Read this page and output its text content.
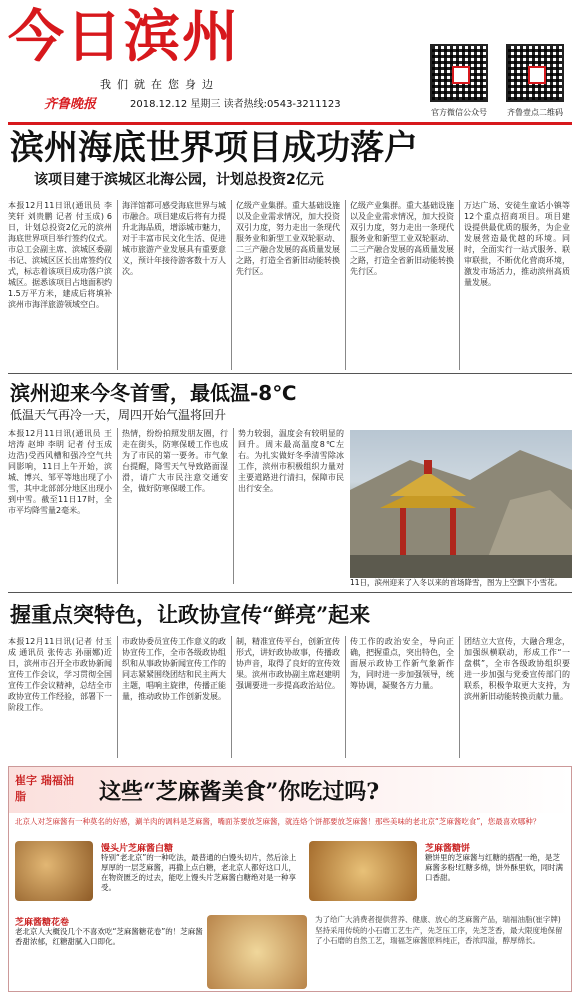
今日滨州
我们就在您身边
齐鲁晚报	2018.12.12 星期三 读者热线:0543-3211123
官方微信公众号	齐鲁壹点二维码
滨州海底世界项目成功落户
该项目建于滨城区北海公园，计划总投资2亿元
本报12月11日讯(通讯员 李笑轩 刘贵鹏 记者 付玉成) 6日，计划总投资2亿元的滨州海底世界项目举行签约仪式。市总工会副主席、滨城区委副书记、滨城区区长出席签约仪式，标志着该项目成功落户滨城区。据悉该项目占地面积约1.5万平方米，建成后将填补滨州市海洋旅游领域空白。
海洋馆都可感受海底世界与城市融合。项目建成后将有力提升北海品质，增添城市魅力，对于丰富市民文化生活、促进城市旅游产业发展具有重要意义，预计年接待游客数十万人次。
亿级产业集群。重大基础设施以及企业需求情况，加大投资双引力度，努力走出一条现代服务业和新型工业双轮驱动、二三产融合发展的高质量发展之路，打造全省新旧动能转换先行区。
亿级产业集群。重大基础设施以及企业需求情况，加大投资双引力度，努力走出一条现代服务业和新型工业双轮驱动、二三产融合发展的高质量发展之路，打造全省新旧动能转换先行区。
万达广场、安徒生童话小镇等12个重点招商项目。项目建设提供最优质的服务，为企业发展营造最优越的环境。同时，全面实行一站式服务、联审联批，不断优化营商环境，激发市场活力，推动滨州高质量发展。
滨州迎来今冬首雪，最低温-8℃
低温天气再冷一天，周四开始气温将回升
本报12月11日讯(通讯员 王培涛 赵坤 李明 记者 付玉成 边浩)受西风槽和强冷空气共同影响，11日上午开始，滨城、博兴、邹平等地出现了小雪，其中北部部分地区出现小到中雪。截至11日17时，全市平均降雪量2毫米。
热情，纷纷拍照发朋友圈，行走在街头，防寒保暖工作也成为了市民的第一要务。市气象台提醒，降雪天气导致路面湿滑，请广大市民注意交通安全，做好防寒保暖工作。
势力较弱，温度会有较明显的回升。周末最高温度8℃左右。为扎实做好冬季清雪除冰工作，滨州市积极组织力量对主要道路进行清扫，保障市民出行安全。
11日，滨州迎来了入冬以来的首场降雪，图为上空飘下小雪花。
握重点突特色，让政协宣传“鲜亮”起来
本报12月11日讯(记者 付玉成 通讯员 张传志 孙丽娜)近日，滨州市召开全市政协新闻宣传工作会议，学习贯彻全国宣传工作会议精神，总结全市政协宣传工作经验，部署下一阶段工作。
市政协委员宣传工作意义的政协宣传工作，全市各级政协组织和从事政协新闻宣传工作的同志紧紧围绕团结和民主两大主题，唱响主旋律，传播正能量，推动政协工作创新发展。
制，精准宣传平台，创新宣传形式，讲好政协故事，传播政协声音，取得了良好的宣传效果。滨州市政协副主席赵建明强调要进一步提高政治站位。
传工作的政治安全，导向正确，把握重点，突出特色，全面展示政协工作新气象新作为，同时进一步加强领导，统筹协调，凝聚各方力量。
团结立大宣传，大融合理念，加强纵横联动，形成工作“一盘棋”，全市各级政协组织要进一步加强与党委宣传部门的联系，积极争取更大支持，为滨州新旧动能转换贡献力量。
崔字 瑞福油脂	这些“芝麻酱美食”你吃过吗?
北京人对芝麻酱有一种莫名的好感，涮羊肉的调料是芝麻酱，嘴面茶要放芝麻酱，就连烙个饼都要放芝麻酱！那些美味的老北京“芝麻酱吃食”，您最喜欢哪种？
馒头片芝麻酱白糖
特别“老北京”的一种吃法，最普通的白馒头切片，然后涂上厚厚的一层芝麻酱，再撒上点白糖，老北京人都好这口儿，在物资匮乏的过去，能吃上馒头片芝麻酱白糖绝对是一种享受。
芝麻酱糖饼
糖饼里的芝麻酱与红糖的搭配一绝，是芝麻酱多粉!红糖多绵，饼外酥里软，同时满口香甜。
芝麻酱糖花卷
老北京人大概没几个不喜欢吃“芝麻酱糖花卷”的！芝麻酱香甜浓郁，红糖甜腻入口即化。
为了给广大消费者提供营养、健康、放心的芝麻酱产品，瑞福油脂(崔字牌)坚持采用传统的小石磨工艺生产，先芝压工序，先芝芝香，最大限度地保留了小石磨的自然工艺，瑞福芝麻酱原料纯正，香浓四溢，醇厚绵长。
